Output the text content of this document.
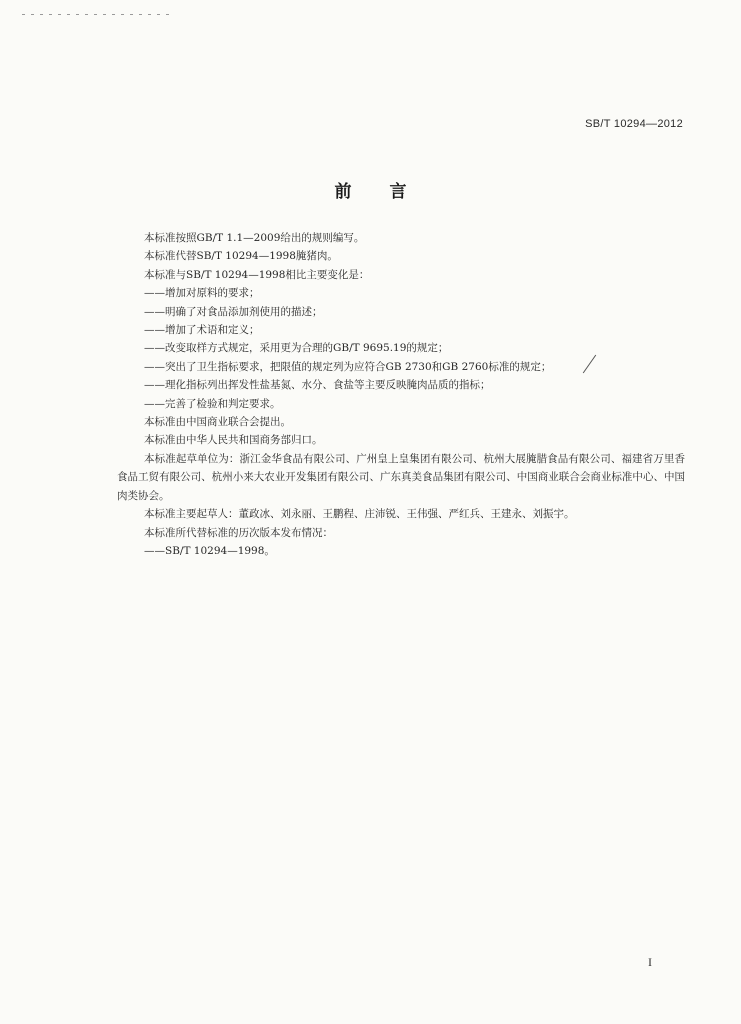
SB/T 10294—2012
前言

本标准按照GB/T 1.1—2009给出的规则编写。

本标准代替SB/T 10294—1998腌猪肉。

本标准与SB/T 10294—1998相比主要变化是：

——增加对原料的要求；

——明确了对食品添加剂使用的描述；

——增加了术语和定义；

——改变取样方式规定，采用更为合理的GB/T 9695.19的规定；

——突出了卫生指标要求，把限值的规定列为应符合GB 2730和GB 2760标准的规定；

——理化指标列出挥发性盐基氮、水分、食盐等主要反映腌肉品质的指标；

——完善了检验和判定要求。

本标准由中国商业联合会提出。

本标准由中华人民共和国商务部归口。

本标准起草单位为：浙江金华食品有限公司、广州皇上皇集团有限公司、杭州大展腌腊食品有限公司、福建省万里香食品工贸有限公司、杭州小来大农业开发集团有限公司、广东真美食品集团有限公司、中国商业联合会商业标准中心、中国肉类协会。

本标准主要起草人：董政冰、刘永丽、王鹏程、庄沛锐、王伟强、严红兵、王建永、刘振宇。

本标准所代替标准的历次版本发布情况：

——SB/T 10294—1998。

I
